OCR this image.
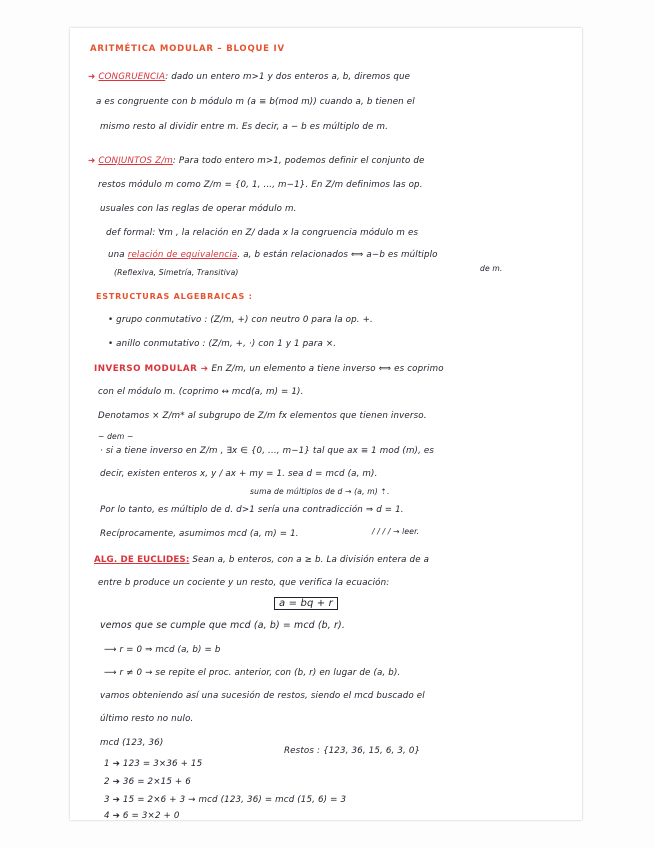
ARITMÉTICA MODULAR – BLOQUE IV
➜ CONGRUENCIA: dado un entero m>1 y dos enteros a, b, diremos que
a es congruente con b módulo m (a ≡ b(mod m)) cuando a, b tienen el
mismo resto al dividir entre m. Es decir, a − b es múltiplo de m.
➜ CONJUNTOS Z/m: Para todo entero m>1, podemos definir el conjunto de
restos módulo m como Z/m = {0, 1, ..., m−1}. En Z/m definimos las op.
usuales con las reglas de operar módulo m.
def formal: ∀m , la relación en Z/ dada x la congruencia módulo m es
una relación de equivalencia. a, b están relacionados ⟺ a−b es múltiplo
(Reflexiva, Simetría, Transitiva)	de m.
ESTRUCTURAS ALGEBRAICAS :
• grupo conmutativo : (Z/m, +) con neutro 0 para la op. +.
• anillo conmutativo : (Z/m, +, ·) con 1 y 1 para ×.
INVERSO MODULAR ➔ En Z/m, un elemento a tiene inverso ⟺ es coprimo
con el módulo m. (coprimo ↔ mcd(a, m) = 1).
Denotamos × Z/m* al subgrupo de Z/m fx elementos que tienen inverso.
− dem −
· si a tiene inverso en Z/m , ∃x ∈ {0, ..., m−1} tal que ax ≡ 1 mod (m), es
decir, existen enteros x, y / ax + my = 1. sea d = mcd (a, m).
suma de múltiplos de d → (a, m) ⇡.
Por lo tanto, es múltiplo de d. d>1 sería una contradicción ⇒ d = 1.
Recíprocamente, asumimos mcd (a, m) = 1.	/ / / / → leer.
ALG. DE EUCLIDES: Sean a, b enteros, con a ≥ b. La división entera de a
entre b produce un cociente y un resto, que verifica la ecuación:
a = bq + r
vemos que se cumple que mcd (a, b) = mcd (b, r).
⟶ r = 0 ⇒ mcd (a, b) = b
⟶ r ≠ 0 → se repite el proc. anterior, con (b, r) en lugar de (a, b).
vamos obteniendo así una sucesión de restos, siendo el mcd buscado el
último resto no nulo.
mcd (123, 36)
Restos : {123, 36, 15, 6, 3, 0}
1 ➔ 123 = 3×36 + 15
2 ➔ 36 = 2×15 + 6
3 ➔ 15 = 2×6 + 3 → mcd (123, 36) = mcd (15, 6) = 3
4 ➔ 6 = 3×2 + 0
